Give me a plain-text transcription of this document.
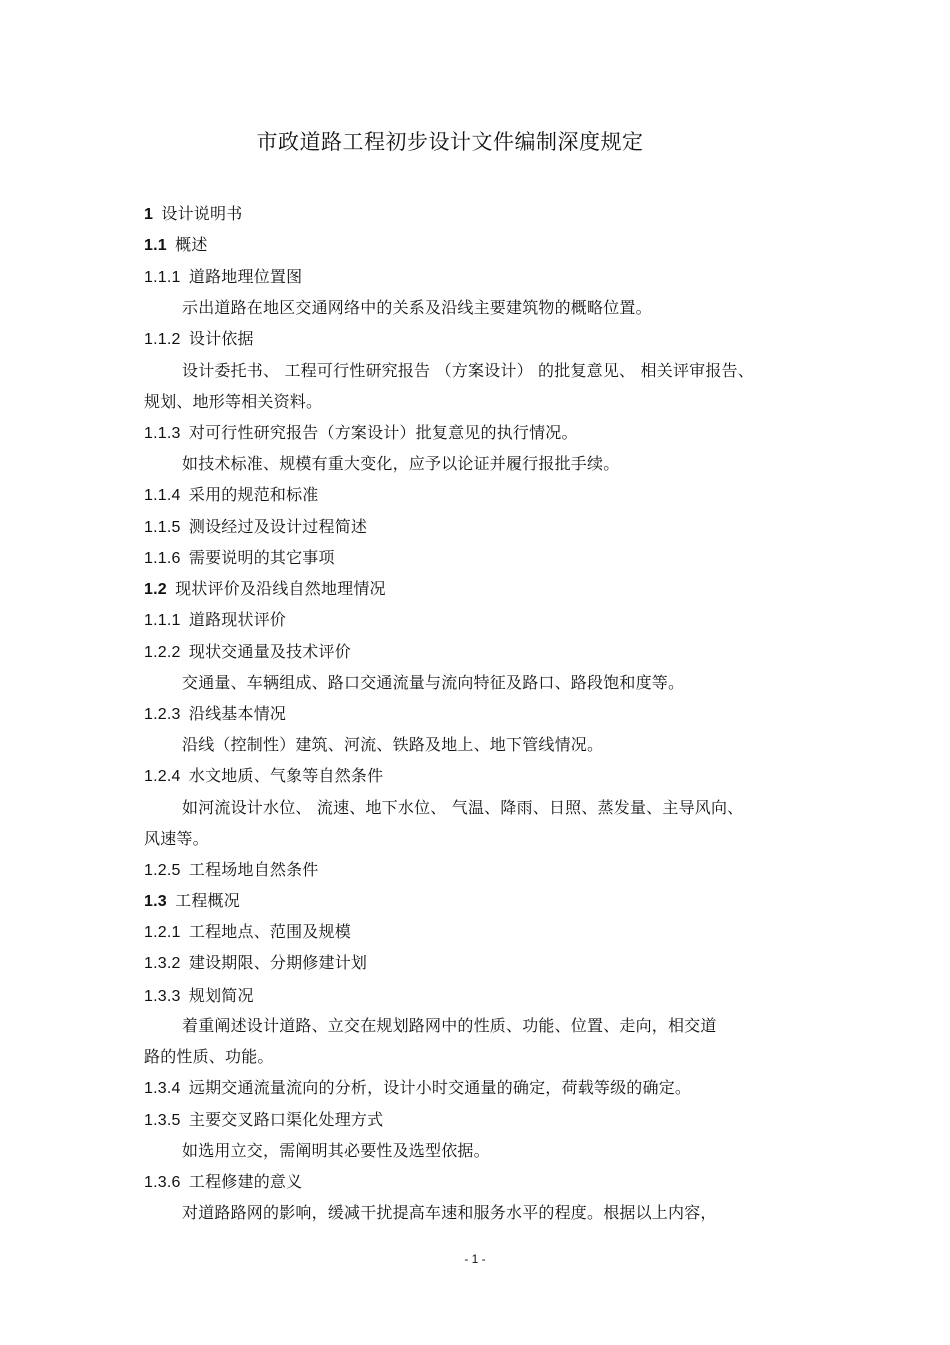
市政道路工程初步设计文件编制深度规定
1 设计说明书
1.1 概述
1.1.1 道路地理位置图
示出道路在地区交通网络中的关系及沿线主要建筑物的概略位置。
1.1.2 设计依据
设计委托书、 工程可行性研究报告 （方案设计） 的批复意见、 相关评审报告、
规划、地形等相关资料。
1.1.3 对可行性研究报告（方案设计）批复意见的执行情况。
如技术标准、规模有重大变化，应予以论证并履行报批手续。
1.1.4 采用的规范和标准
1.1.5 测设经过及设计过程简述
1.1.6 需要说明的其它事项
1.2 现状评价及沿线自然地理情况
1.1.1 道路现状评价
1.2.2 现状交通量及技术评价
交通量、车辆组成、路口交通流量与流向特征及路口、路段饱和度等。
1.2.3 沿线基本情况
沿线（控制性）建筑、河流、铁路及地上、地下管线情况。
1.2.4 水文地质、气象等自然条件
如河流设计水位、 流速、地下水位、 气温、降雨、日照、蒸发量、主导风向、
风速等。
1.2.5 工程场地自然条件
1.3 工程概况
1.2.1 工程地点、范围及规模
1.3.2 建设期限、分期修建计划
1.3.3 规划简况
着重阐述设计道路、立交在规划路网中的性质、功能、位置、走向，相交道
路的性质、功能。
1.3.4 远期交通流量流向的分析，设计小时交通量的确定，荷载等级的确定。
1.3.5 主要交叉路口渠化处理方式
如选用立交，需阐明其必要性及选型依据。
1.3.6 工程修建的意义
对道路路网的影响，缓减干扰提高车速和服务水平的程度。根据以上内容，
- 1 -
